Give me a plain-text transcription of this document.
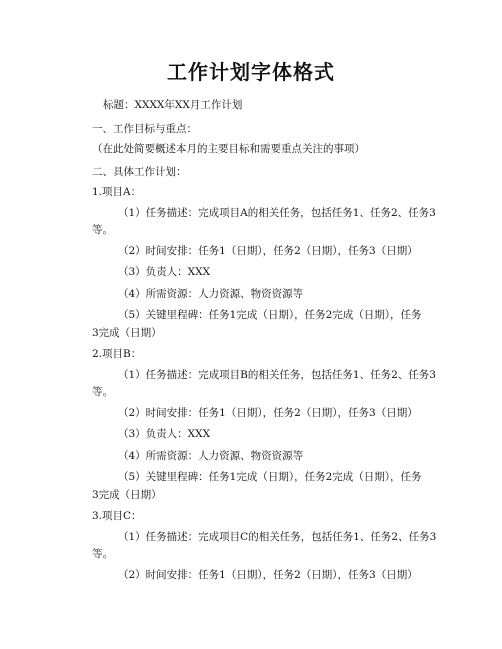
工作计划字体格式
标题：XXXX年XX月工作计划
一、工作目标与重点：
（在此处简要概述本月的主要目标和需要重点关注的事项）
二、具体工作计划：
1.项目A：
（1）任务描述：完成项目A的相关任务，包括任务1、任务2、任务3
等。
（2）时间安排：任务1（日期），任务2（日期），任务3（日期）
（3）负责人：XXX
（4）所需资源：人力资源、物资资源等
（5）关键里程碑：任务1完成（日期），任务2完成（日期），任务
3完成（日期）
2.项目B：
（1）任务描述：完成项目B的相关任务，包括任务1、任务2、任务3
等。
（2）时间安排：任务1（日期），任务2（日期），任务3（日期）
（3）负责人：XXX
（4）所需资源：人力资源、物资资源等
（5）关键里程碑：任务1完成（日期），任务2完成（日期），任务
3完成（日期）
3.项目C：
（1）任务描述：完成项目C的相关任务，包括任务1、任务2、任务3
等。
（2）时间安排：任务1（日期），任务2（日期），任务3（日期）
